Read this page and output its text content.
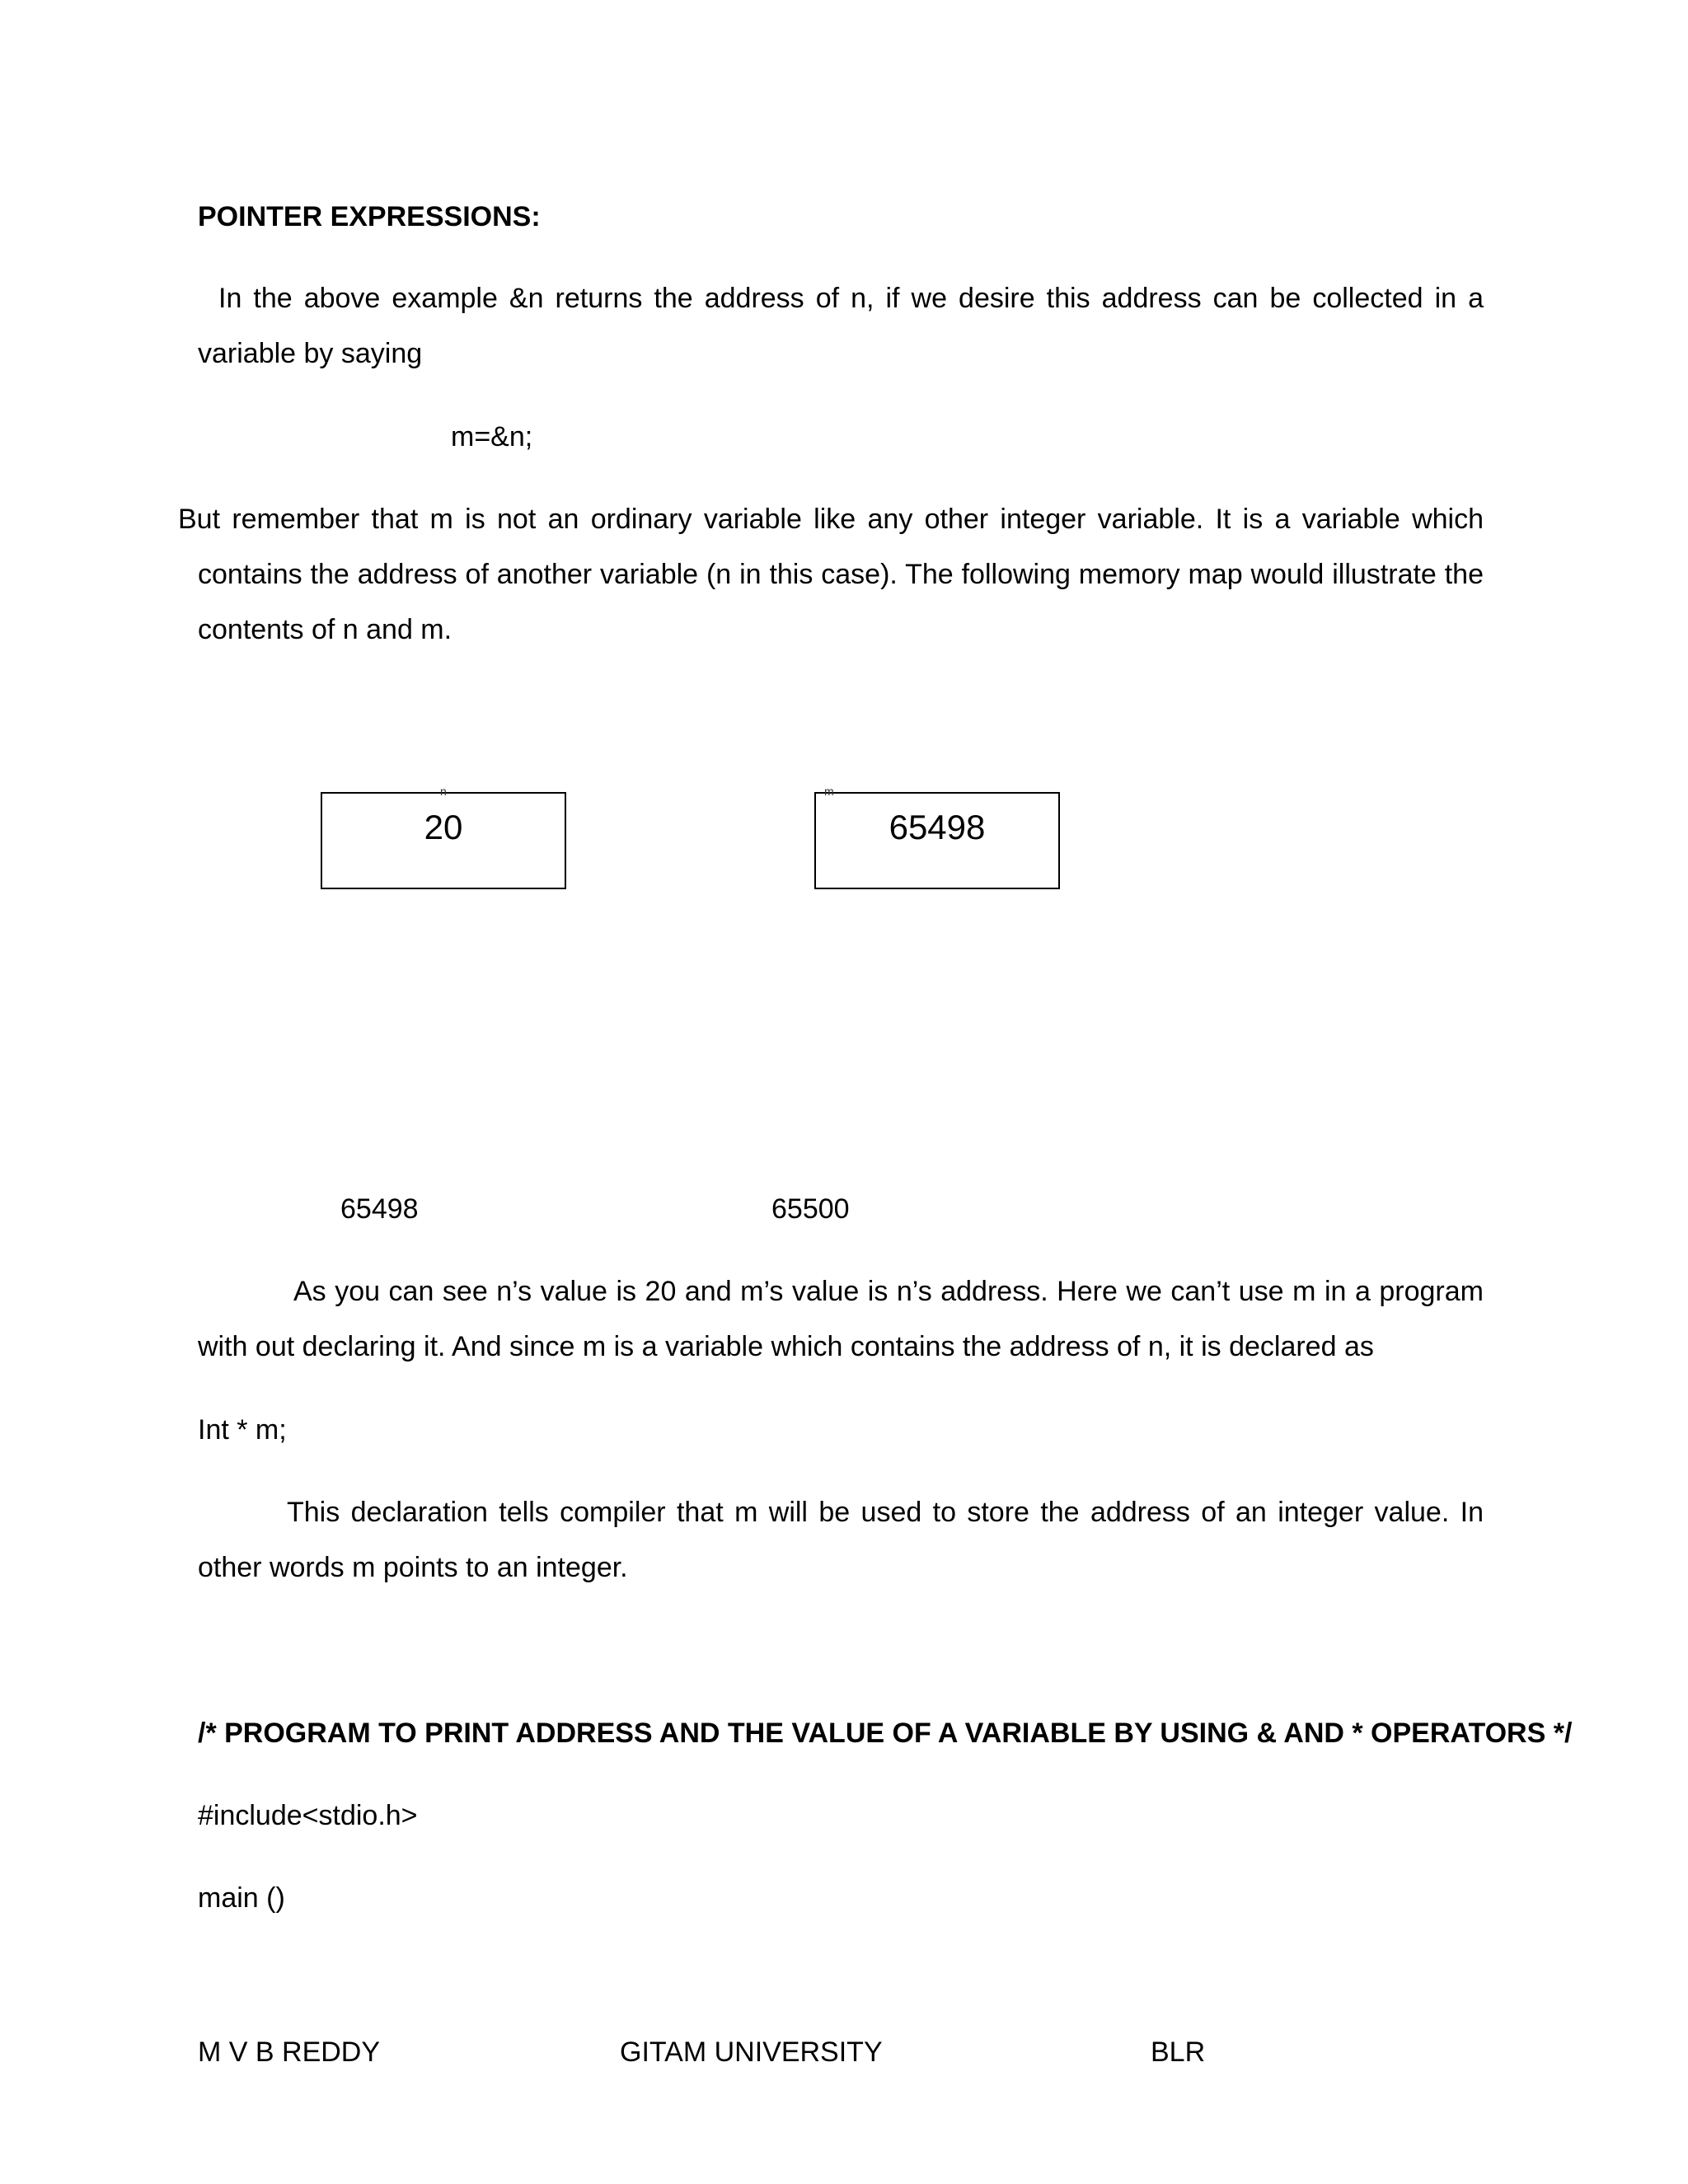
POINTER EXPRESSIONS:
In the above example &n returns the address of n, if we desire this address can be collected in a
variable by saying
m=&n;
But remember that m is not an ordinary variable like any other integer variable. It is a variable which
contains the address of another variable (n in this case). The following memory map would illustrate the
contents of n and m.
n
20
m
65498
65498	65500
As you can see n’s value is 20 and m’s value is n’s address. Here we can’t use m in a program
with out declaring it. And since m is a variable which contains the address of n, it is declared as
Int * m;
This declaration tells compiler that m will be used to store the address of an integer value. In
other words m points to an integer.
/* PROGRAM TO PRINT ADDRESS AND THE VALUE OF A VARIABLE BY USING & AND * OPERATORS */
#include<stdio.h>
main ()
M V B REDDY	GITAM UNIVERSITY	BLR
